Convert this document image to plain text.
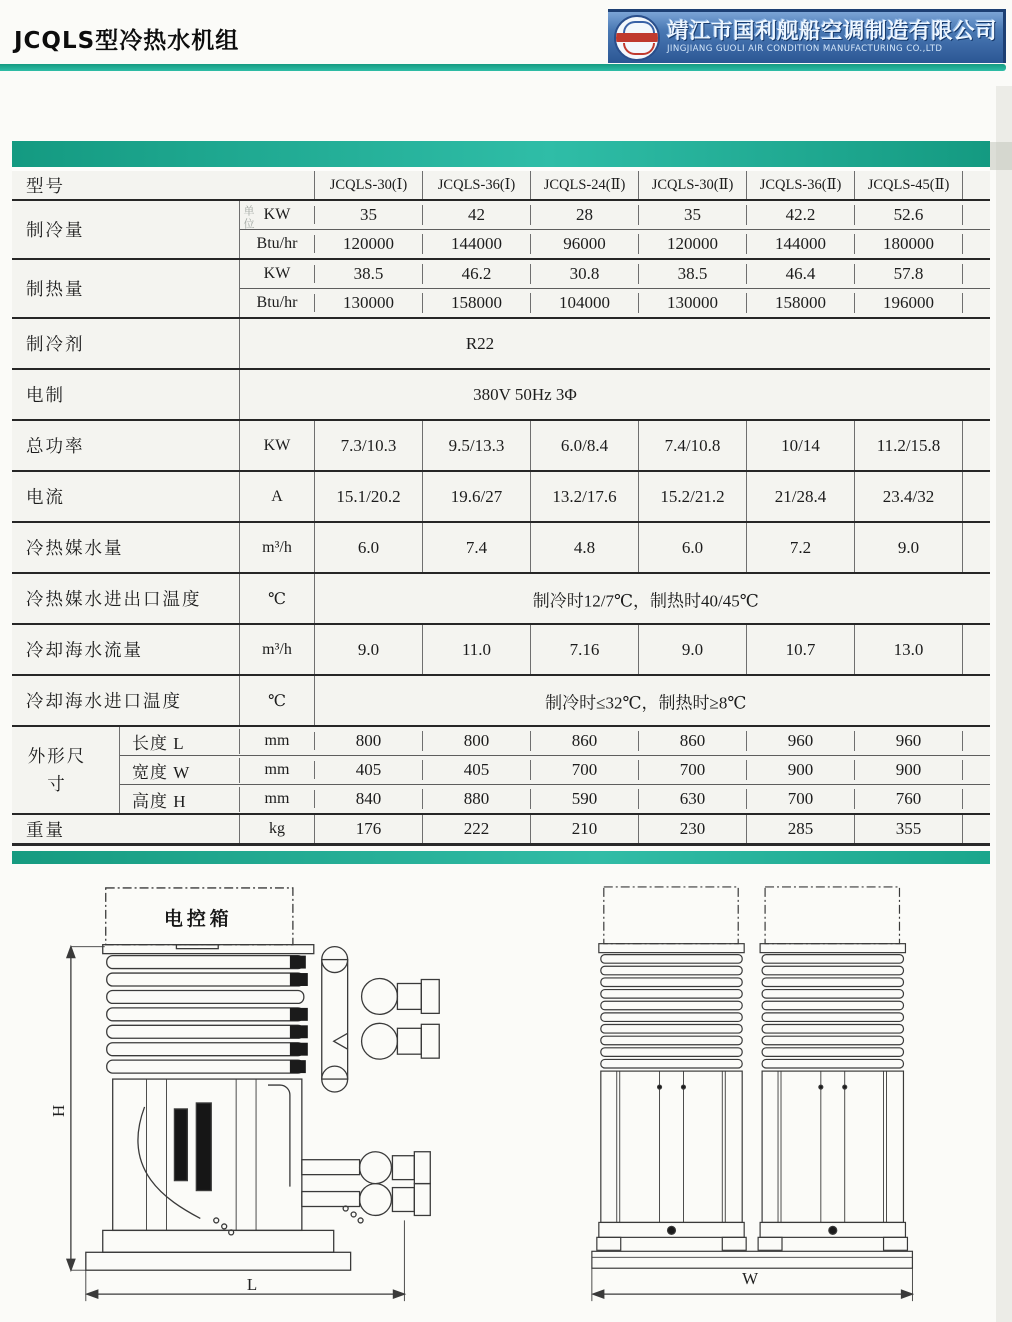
JCQLS型冷热水机组	靖江市国利舰船空调制造有限公司
JINGJIANG GUOLI AIR CONDITION MANUFACTURING CO.,LTD
单位
型号	JCQLS-30(Ⅰ)	JCQLS-36(Ⅰ)	JCQLS-24(Ⅱ)	JCQLS-30(Ⅱ)	JCQLS-36(Ⅱ)	JCQLS-45(Ⅱ)
制冷量
KW	35	42	28	35	42.2	52.6
Btu/hr	120000	144000	96000	120000	144000	180000
制热量
KW	38.5	46.2	30.8	38.5	46.4	57.8
Btu/hr	130000	158000	104000	130000	158000	196000
制冷剂	R22
电制	380V 50Hz 3Φ
总功率	KW	7.3/10.3	9.5/13.3	6.0/8.4	7.4/10.8	10/14	11.2/15.8
电流	A	15.1/20.2	19.6/27	13.2/17.6	15.2/21.2	21/28.4	23.4/32
冷热媒水量	m³/h	6.0	7.4	4.8	6.0	7.2	9.0
冷热媒水进出口温度	℃	制冷时12/7℃，制热时40/45℃
冷却海水流量	m³/h	9.0	11.0	7.16	9.0	10.7	13.0
冷却海水进口温度	℃	制冷时≤32℃，制热时≥8℃
外形尺寸
长度 L	mm	800	800	860	860	960	960
宽度 W	mm	405	405	700	700	900	900
高度 H	mm	840	880	590	630	700	760
重量	kg	176	222	210	230	285	355
电控箱
H
L	W
